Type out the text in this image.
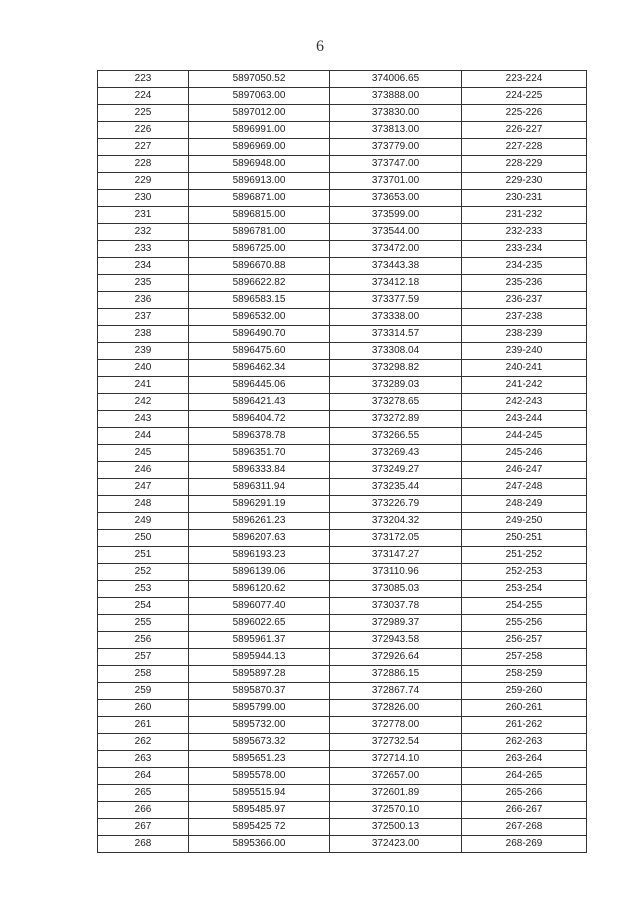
6
223	5897050.52	374006.65	223-224
224	5897063.00	373888.00	224-225
225	5897012.00	373830.00	225-226
226	5896991.00	373813.00	226-227
227	5896969.00	373779.00	227-228
228	5896948.00	373747.00	228-229
229	5896913.00	373701.00	229-230
230	5896871.00	373653.00	230-231
231	5896815.00	373599.00	231-232
232	5896781.00	373544.00	232-233
233	5896725.00	373472.00	233-234
234	5896670.88	373443.38	234-235
235	5896622.82	373412.18	235-236
236	5896583.15	373377.59	236-237
237	5896532.00	373338.00	237-238
238	5896490.70	373314.57	238-239
239	5896475.60	373308.04	239-240
240	5896462.34	373298.82	240-241
241	5896445.06	373289.03	241-242
242	5896421.43	373278.65	242-243
243	5896404.72	373272.89	243-244
244	5896378.78	373266.55	244-245
245	5896351.70	373269.43	245-246
246	5896333.84	373249.27	246-247
247	5896311.94	373235.44	247-248
248	5896291.19	373226.79	248-249
249	5896261.23	373204.32	249-250
250	5896207.63	373172.05	250-251
251	5896193.23	373147.27	251-252
252	5896139.06	373110.96	252-253
253	5896120.62	373085.03	253-254
254	5896077.40	373037.78	254-255
255	5896022.65	372989.37	255-256
256	5895961.37	372943.58	256-257
257	5895944.13	372926.64	257-258
258	5895897.28	372886.15	258-259
259	5895870.37	372867.74	259-260
260	5895799.00	372826.00	260-261
261	5895732.00	372778.00	261-262
262	5895673.32	372732.54	262-263
263	5895651.23	372714.10	263-264
264	5895578.00	372657.00	264-265
265	5895515.94	372601.89	265-266
266	5895485.97	372570.10	266-267
267	5895425 72	372500.13	267-268
268	5895366.00	372423.00	268-269
